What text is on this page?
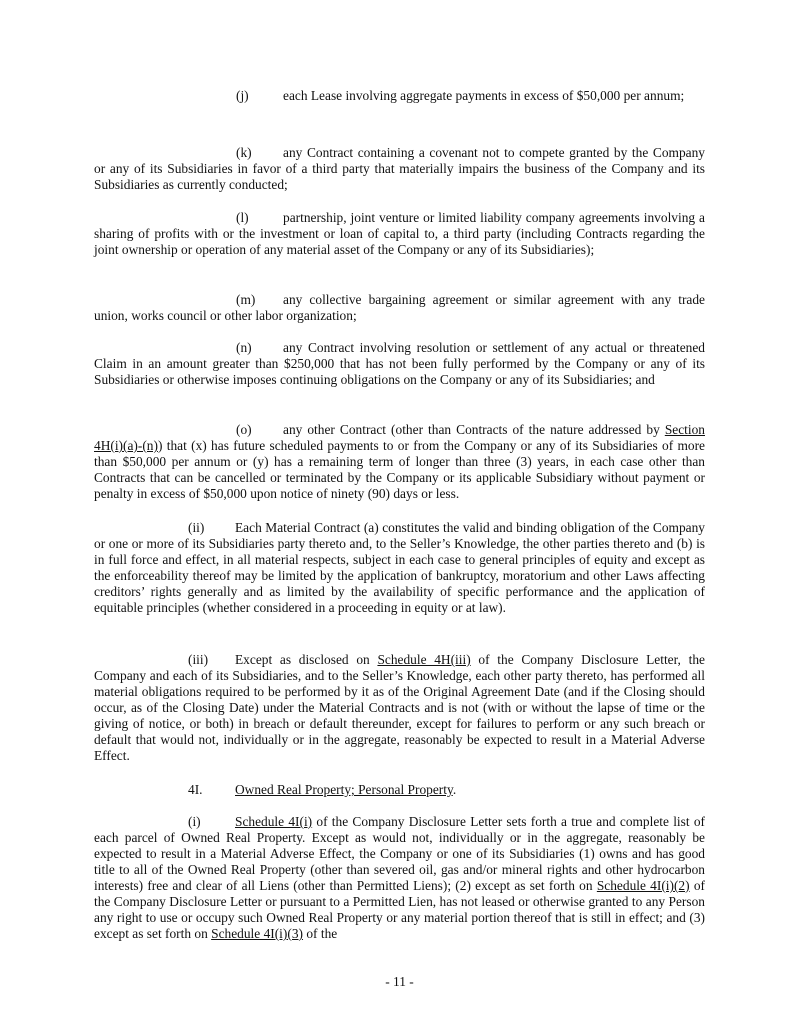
(j)	each Lease involving aggregate payments in excess of $50,000 per annum;

(k) any Contract containing a covenant not to compete granted by the Company or any of its Subsidiaries in favor of a third party that materially impairs the business of the Company and its Subsidiaries as currently conducted;

(l)	partnership, joint venture or limited liability company agreements involving a sharing of profits with or the investment or loan of capital to, a third party (including Contracts regarding the joint ownership or operation of any material asset of the Company or any of its Subsidiaries);

(m) any collective bargaining agreement or similar agreement with any trade union, works council or other labor organization;

(n) any Contract involving resolution or settlement of any actual or threatened Claim in an amount greater than $250,000 that has not been fully performed by the Company or any of its Subsidiaries or otherwise imposes continuing obligations on the Company or any of its Subsidiaries; and

(o) any other Contract (other than Contracts of the nature addressed by Section 4H(i)(a)-(n)) that (x) has future scheduled payments to or from the Company or any of its Subsidiaries of more than $50,000 per annum or (y) has a remaining term of longer than three (3) years, in each case other than Contracts that can be cancelled or terminated by the Company or its applicable Subsidiary without payment or penalty in excess of $50,000 upon notice of ninety (90) days or less.

(ii) Each Material Contract (a) constitutes the valid and binding obligation of the Company or one or more of its Subsidiaries party thereto and, to the Seller’s Knowledge, the other parties thereto and (b) is in full force and effect, in all material respects, subject in each case to general principles of equity and except as the enforceability thereof may be limited by the application of bankruptcy, moratorium and other Laws affecting creditors’ rights generally and as limited by the availability of specific performance and the application of equitable principles (whether considered in a proceeding in equity or at law).

(iii) Except as disclosed on Schedule 4H(iii) of the Company Disclosure Letter, the Company and each of its Subsidiaries, and to the Seller’s Knowledge, each other party thereto, has performed all material obligations required to be performed by it as of the Original Agreement Date (and if the Closing should occur, as of the Closing Date) under the Material Contracts and is not (with or without the lapse of time or the giving of notice, or both) in breach or default thereunder, except for failures to perform or any such breach or default that would not, individually or in the aggregate, reasonably be expected to result in a Material Adverse Effect.

4I. Owned Real Property; Personal Property.

(i)	Schedule 4I(i) of the Company Disclosure Letter sets forth a true and complete list of each parcel of Owned Real Property. Except as would not, individually or in the aggregate, reasonably be expected to result in a Material Adverse Effect, the Company or one of its Subsidiaries (1) owns and has good title to all of the Owned Real Property (other than severed oil, gas and/or mineral rights and other hydrocarbon interests) free and clear of all Liens (other than Permitted Liens); (2) except as set forth on Schedule 4I(i)(2) of the Company Disclosure Letter or pursuant to a Permitted Lien, has not leased or otherwise granted to any Person any right to use or occupy such Owned Real Property or any material portion thereof that is still in effect; and (3) except as set forth on Schedule 4I(i)(3) of the

- 11 -
